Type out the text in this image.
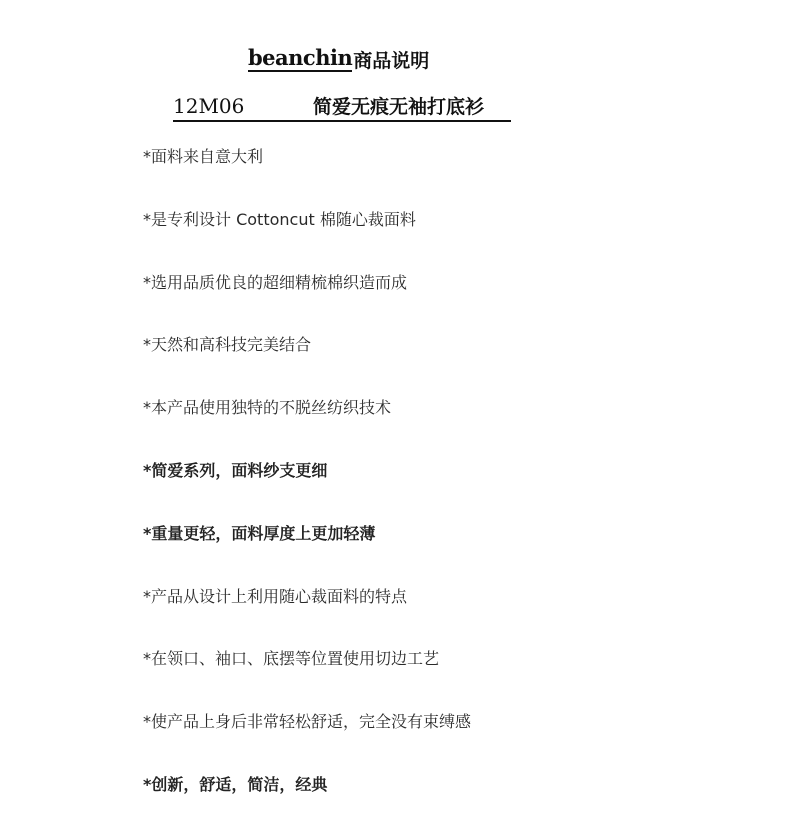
beanchin 商品说明
12M06	简爱无痕无袖打底衫
*面料来自意大利
*是专利设计 Cottoncut 棉随心裁面料
*选用品质优良的超细精梳棉织造而成
*天然和高科技完美结合
*本产品使用独特的不脱丝纺织技术
*简爱系列，面料纱支更细
*重量更轻，面料厚度上更加轻薄
*产品从设计上利用随心裁面料的特点
*在领口、袖口、底摆等位置使用切边工艺
*使产品上身后非常轻松舒适，完全没有束缚感
*创新，舒适，简洁，经典
